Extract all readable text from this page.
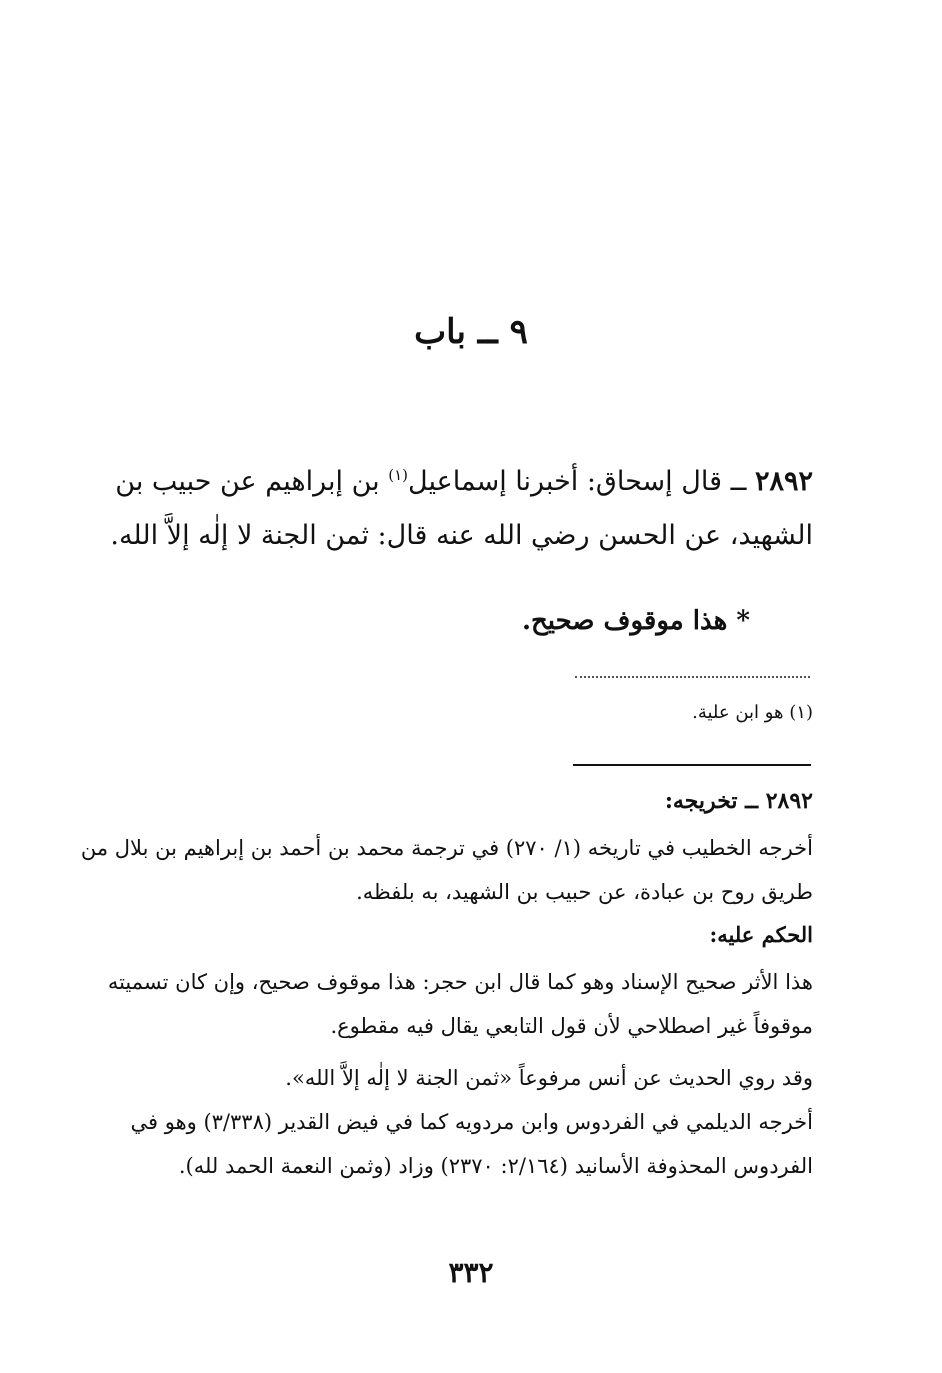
٩ ــ باب
٢٨٩٢ ــ قال إسحاق: أخبرنا إسماعيل$^{(١)}$ بن إبراهيم عن حبيب بن الشهيد، عن الحسن رضي الله عنه قال: ثمن الجنة لا إلٰه إلاَّ الله.
* هذا موقوف صحيح.
(١) هو ابن علية.
٢٨٩٢ ــ تخريجه:
أخرجه الخطيب في تاريخه (١/ ٢٧٠) في ترجمة محمد بن أحمد بن إبراهيم بن بلال من طريق روح بن عبادة، عن حبيب بن الشهيد، به بلفظه.
الحكم عليه:
هذا الأثر صحيح الإسناد وهو كما قال ابن حجر: هذا موقوف صحيح، وإن كان تسميته موقوفاً غير اصطلاحي لأن قول التابعي يقال فيه مقطوع.
وقد روي الحديث عن أنس مرفوعاً «ثمن الجنة لا إلٰه إلاَّ الله».
أخرجه الديلمي في الفردوس وابن مردويه كما في فيض القدير (٣/٣٣٨) وهو في الفردوس المحذوفة الأسانيد (٢/١٦٤: ٢٣٧٠) وزاد (وثمن النعمة الحمد لله).
٣٣٢
